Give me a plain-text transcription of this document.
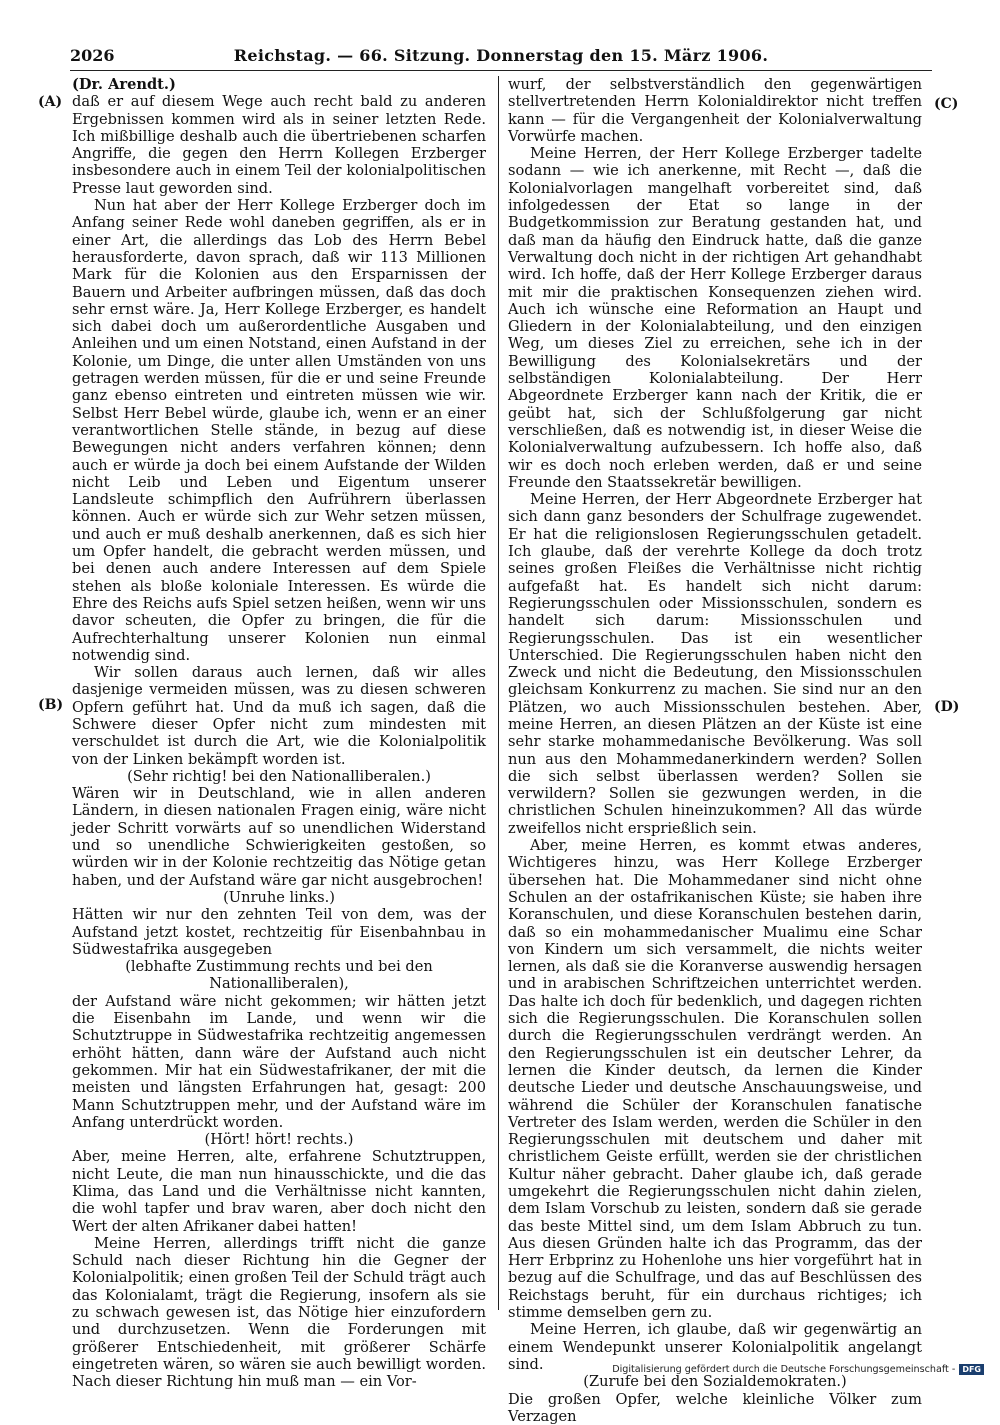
2026	Reichstag. — 66. Sitzung. Donnerstag den 15. März 1906.
(A)
(B)
(C)
(D)

(Dr. Arendt.)

daß er auf diesem Wege auch recht bald zu anderen Ergebnissen kommen wird als in seiner letzten Rede. Ich mißbillige deshalb auch die übertriebenen scharfen Angriffe, die gegen den Herrn Kollegen Erzberger insbesondere auch in einem Teil der kolonialpolitischen Presse laut geworden sind.

Nun hat aber der Herr Kollege Erzberger doch im Anfang seiner Rede wohl daneben gegriffen, als er in einer Art, die allerdings das Lob des Herrn Bebel herausforderte, davon sprach, daß wir 113 Millionen Mark für die Kolonien aus den Ersparnissen der Bauern und Arbeiter aufbringen müssen, daß das doch sehr ernst wäre. Ja, Herr Kollege Erzberger, es handelt sich dabei doch um außerordentliche Ausgaben und Anleihen und um einen Notstand, einen Aufstand in der Kolonie, um Dinge, die unter allen Umständen von uns getragen werden müssen, für die er und seine Freunde ganz ebenso eintreten und eintreten müssen wie wir. Selbst Herr Bebel würde, glaube ich, wenn er an einer verantwortlichen Stelle stände, in bezug auf diese Bewegungen nicht anders verfahren können; denn auch er würde ja doch bei einem Aufstande der Wilden nicht Leib und Leben und Eigentum unserer Landsleute schimpflich den Aufrührern überlassen können. Auch er würde sich zur Wehr setzen müssen, und auch er muß deshalb anerkennen, daß es sich hier um Opfer handelt, die gebracht werden müssen, und bei denen auch andere Interessen auf dem Spiele stehen als bloße koloniale Interessen. Es würde die Ehre des Reichs aufs Spiel setzen heißen, wenn wir uns davor scheuten, die Opfer zu bringen, die für die Aufrechterhaltung unserer Kolonien nun einmal notwendig sind.

Wir sollen daraus auch lernen, daß wir alles dasjenige vermeiden müssen, was zu diesen schweren Opfern geführt hat. Und da muß ich sagen, daß die Schwere dieser Opfer nicht zum mindesten mit verschuldet ist durch die Art, wie die Kolonialpolitik von der Linken bekämpft worden ist.

(Sehr richtig! bei den Nationalliberalen.)

Wären wir in Deutschland, wie in allen anderen Ländern, in diesen nationalen Fragen einig, wäre nicht jeder Schritt vorwärts auf so unendlichen Widerstand und so unendliche Schwierigkeiten gestoßen, so würden wir in der Kolonie rechtzeitig das Nötige getan haben, und der Aufstand wäre gar nicht ausgebrochen!

(Unruhe links.)

Hätten wir nur den zehnten Teil von dem, was der Aufstand jetzt kostet, rechtzeitig für Eisenbahnbau in Südwestafrika ausgegeben

(lebhafte Zustimmung rechts und bei den Nationalliberalen),

der Aufstand wäre nicht gekommen; wir hätten jetzt die Eisenbahn im Lande, und wenn wir die Schutztruppe in Südwestafrika rechtzeitig angemessen erhöht hätten, dann wäre der Aufstand auch nicht gekommen. Mir hat ein Südwestafrikaner, der mit die meisten und längsten Erfahrungen hat, gesagt: 200 Mann Schutztruppen mehr, und der Aufstand wäre im Anfang unterdrückt worden.

(Hört! hört! rechts.)

Aber, meine Herren, alte, erfahrene Schutztruppen, nicht Leute, die man nun hinausschickte, und die das Klima, das Land und die Verhältnisse nicht kannten, die wohl tapfer und brav waren, aber doch nicht den Wert der alten Afrikaner dabei hatten!

Meine Herren, allerdings trifft nicht die ganze Schuld nach dieser Richtung hin die Gegner der Kolonialpolitik; einen großen Teil der Schuld trägt auch das Kolonialamt, trägt die Regierung, insofern als sie zu schwach gewesen ist, das Nötige hier einzufordern und durchzusetzen. Wenn die Forderungen mit größerer Entschiedenheit, mit größerer Schärfe eingetreten wären, so wären sie auch bewilligt worden. Nach dieser Richtung hin muß man — ein Vor-

wurf, der selbstverständlich den gegenwärtigen stellvertretenden Herrn Kolonialdirektor nicht treffen kann — für die Vergangenheit der Kolonialverwaltung Vorwürfe machen.

Meine Herren, der Herr Kollege Erzberger tadelte sodann — wie ich anerkenne, mit Recht —, daß die Kolonialvorlagen mangelhaft vorbereitet sind, daß infolgedessen der Etat so lange in der Budgetkommission zur Beratung gestanden hat, und daß man da häufig den Eindruck hatte, daß die ganze Verwaltung doch nicht in der richtigen Art gehandhabt wird. Ich hoffe, daß der Herr Kollege Erzberger daraus mit mir die praktischen Konsequenzen ziehen wird. Auch ich wünsche eine Reformation an Haupt und Gliedern in der Kolonialabteilung, und den einzigen Weg, um dieses Ziel zu erreichen, sehe ich in der Bewilligung des Kolonialsekretärs und der selbständigen Kolonialabteilung. Der Herr Abgeordnete Erzberger kann nach der Kritik, die er geübt hat, sich der Schlußfolgerung gar nicht verschließen, daß es notwendig ist, in dieser Weise die Kolonialverwaltung aufzubessern. Ich hoffe also, daß wir es doch noch erleben werden, daß er und seine Freunde den Staatssekretär bewilligen.

Meine Herren, der Herr Abgeordnete Erzberger hat sich dann ganz besonders der Schulfrage zugewendet. Er hat die religionslosen Regierungsschulen getadelt. Ich glaube, daß der verehrte Kollege da doch trotz seines großen Fleißes die Verhältnisse nicht richtig aufgefaßt hat. Es handelt sich nicht darum: Regierungsschulen oder Missionsschulen, sondern es handelt sich darum: Missionsschulen und Regierungsschulen. Das ist ein wesentlicher Unterschied. Die Regierungsschulen haben nicht den Zweck und nicht die Bedeutung, den Missionsschulen gleichsam Konkurrenz zu machen. Sie sind nur an den Plätzen, wo auch Missionsschulen bestehen. Aber, meine Herren, an diesen Plätzen an der Küste ist eine sehr starke mohammedanische Bevölkerung. Was soll nun aus den Mohammedanerkindern werden? Sollen die sich selbst überlassen werden? Sollen sie verwildern? Sollen sie gezwungen werden, in die christlichen Schulen hineinzukommen? All das würde zweifellos nicht ersprießlich sein.

Aber, meine Herren, es kommt etwas anderes, Wichtigeres hinzu, was Herr Kollege Erzberger übersehen hat. Die Mohammedaner sind nicht ohne Schulen an der ostafrikanischen Küste; sie haben ihre Koranschulen, und diese Koranschulen bestehen darin, daß so ein mohammedanischer Mualimu eine Schar von Kindern um sich versammelt, die nichts weiter lernen, als daß sie die Koranverse auswendig hersagen und in arabischen Schriftzeichen unterrichtet werden. Das halte ich doch für bedenklich, und dagegen richten sich die Regierungsschulen. Die Koranschulen sollen durch die Regierungsschulen verdrängt werden. An den Regierungsschulen ist ein deutscher Lehrer, da lernen die Kinder deutsch, da lernen die Kinder deutsche Lieder und deutsche Anschauungsweise, und während die Schüler der Koranschulen fanatische Vertreter des Islam werden, werden die Schüler in den Regierungsschulen mit deutschem und daher mit christlichem Geiste erfüllt, werden sie der christlichen Kultur näher gebracht. Daher glaube ich, daß gerade umgekehrt die Regierungsschulen nicht dahin zielen, dem Islam Vorschub zu leisten, sondern daß sie gerade das beste Mittel sind, um dem Islam Abbruch zu tun. Aus diesen Gründen halte ich das Programm, das der Herr Erbprinz zu Hohenlohe uns hier vorgeführt hat in bezug auf die Schulfrage, und das auf Beschlüssen des Reichstags beruht, für ein durchaus richtiges; ich stimme demselben gern zu.

Meine Herren, ich glaube, daß wir gegenwärtig an einem Wendepunkt unserer Kolonialpolitik angelangt sind.

(Zurufe bei den Sozialdemokraten.)

Die großen Opfer, welche kleinliche Völker zum Verzagen

Digitalisierung gefördert durch die Deutsche Forschungsgemeinschaft - DFG
